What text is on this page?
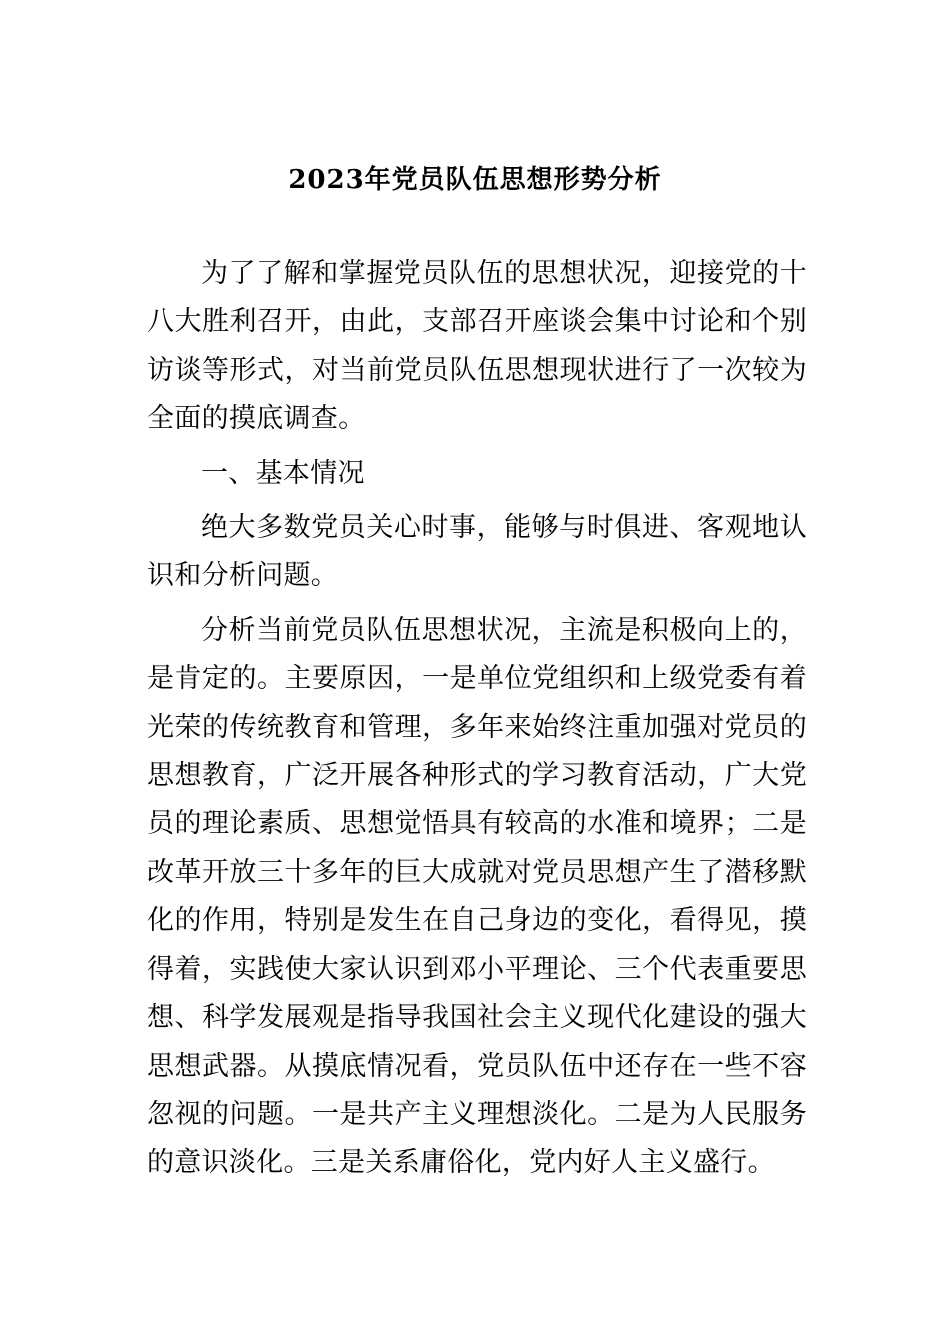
2023年党员队伍思想形势分析

为了了解和掌握党员队伍的思想状况，迎接党的十八大胜利召开，由此，支部召开座谈会集中讨论和个别访谈等形式，对当前党员队伍思想现状进行了一次较为全面的摸底调查。

一、基本情况

绝大多数党员关心时事，能够与时俱进、客观地认识和分析问题。

分析当前党员队伍思想状况，主流是积极向上的，是肯定的。主要原因，一是单位党组织和上级党委有着光荣的传统教育和管理，多年来始终注重加强对党员的思想教育，广泛开展各种形式的学习教育活动，广大党员的理论素质、思想觉悟具有较高的水准和境界；二是改革开放三十多年的巨大成就对党员思想产生了潜移默化的作用，特别是发生在自己身边的变化，看得见，摸得着，实践使大家认识到邓小平理论、三个代表重要思想、科学发展观是指导我国社会主义现代化建设的强大思想武器。从摸底情况看，党员队伍中还存在一些不容忽视的问题。一是共产主义理想淡化。二是为人民服务的意识淡化。三是关系庸俗化，党内好人主义盛行。
